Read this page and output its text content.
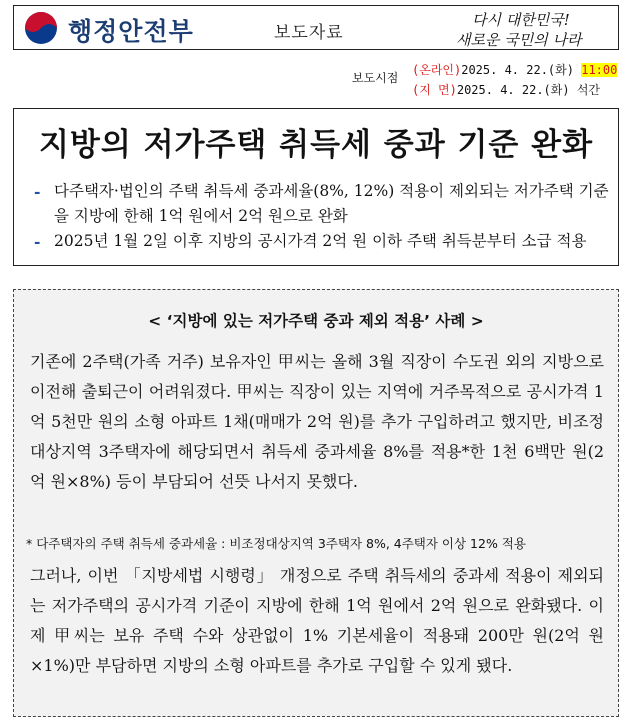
행정안전부	보도자료
다시 대한민국!
새로운 국민의 나라
보도시점
(온라인)2025. 4. 22.(화) 11:00
(지 면)2025. 4. 22.(화) 석간
지방의 저가주택 취득세 중과 기준 완화
- 다주택자·법인의 주택 취득세 중과세율(8%, 12%) 적용이 제외되는 저가주택 기준을 지방에 한해 1억 원에서 2억 원으로 완화
- 2025년 1월 2일 이후 지방의 공시가격 2억 원 이하 주택 취득분부터 소급 적용
< ‘지방에 있는 저가주택 중과 제외 적용’ 사례 >
기존에 2주택(가족 거주) 보유자인 甲씨는 올해 3월 직장이 수도권 외의 지방으로 이전해 출퇴근이 어려워졌다. 甲씨는 직장이 있는 지역에 거주목적으로 공시가격 1억 5천만 원의 소형 아파트 1채(매매가 2억 원)를 추가 구입하려고 했지만, 비조정대상지역 3주택자에 해당되면서 취득세 중과세율 8%를 적용*한 1천 6백만 원(2억 원×8%) 등이 부담되어 선뜻 나서지 못했다.
* 다주택자의 주택 취득세 중과세율 : 비조정대상지역 3주택자 8%, 4주택자 이상 12% 적용
그러나, 이번 「지방세법 시행령」 개정으로 주택 취득세의 중과세 적용이 제외되는 저가주택의 공시가격 기준이 지방에 한해 1억 원에서 2억 원으로 완화됐다. 이제 甲씨는 보유 주택 수와 상관없이 1% 기본세율이 적용돼 200만 원(2억 원×1%)만 부담하면 지방의 소형 아파트를 추가로 구입할 수 있게 됐다.
